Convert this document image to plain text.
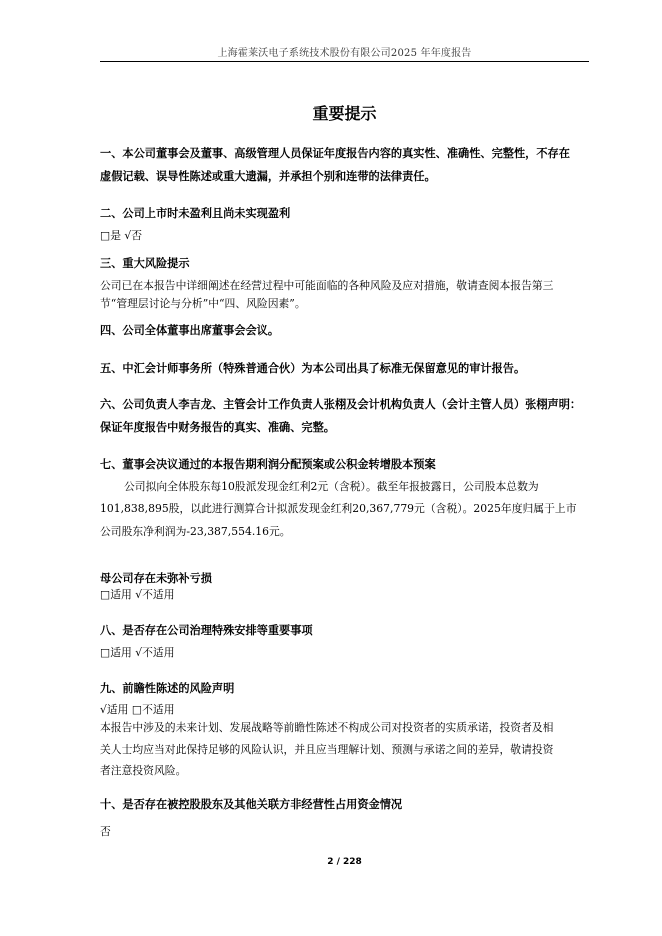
上海霍莱沃电子系统技术股份有限公司2025 年年度报告
重要提示
一、本公司董事会及董事、高级管理人员保证年度报告内容的真实性、准确性、完整性，不存在
虚假记载、误导性陈述或重大遗漏，并承担个别和连带的法律责任。
二、公司上市时未盈利且尚未实现盈利
□是 √否
三、重大风险提示
公司已在本报告中详细阐述在经营过程中可能面临的各种风险及应对措施，敬请查阅本报告第三
节“管理层讨论与分析”中“四、风险因素”。
四、公司全体董事出席董事会会议。
五、中汇会计师事务所（特殊普通合伙）为本公司出具了标准无保留意见的审计报告。
六、公司负责人李吉龙、主管会计工作负责人张栩及会计机构负责人（会计主管人员）张栩声明：
保证年度报告中财务报告的真实、准确、完整。
七、董事会决议通过的本报告期利润分配预案或公积金转增股本预案
公司拟向全体股东每10股派发现金红利2元（含税）。截至年报披露日，公司股本总数为
101,838,895股，以此进行测算合计拟派发现金红利20,367,779元（含税）。2025年度归属于上市
公司股东净利润为-23,387,554.16元。
母公司存在未弥补亏损
□适用 √不适用
八、是否存在公司治理特殊安排等重要事项
□适用 √不适用
九、前瞻性陈述的风险声明
√适用 □不适用
本报告中涉及的未来计划、发展战略等前瞻性陈述不构成公司对投资者的实质承诺，投资者及相
关人士均应当对此保持足够的风险认识，并且应当理解计划、预测与承诺之间的差异，敬请投资
者注意投资风险。
十、是否存在被控股股东及其他关联方非经营性占用资金情况
否
2 / 228
